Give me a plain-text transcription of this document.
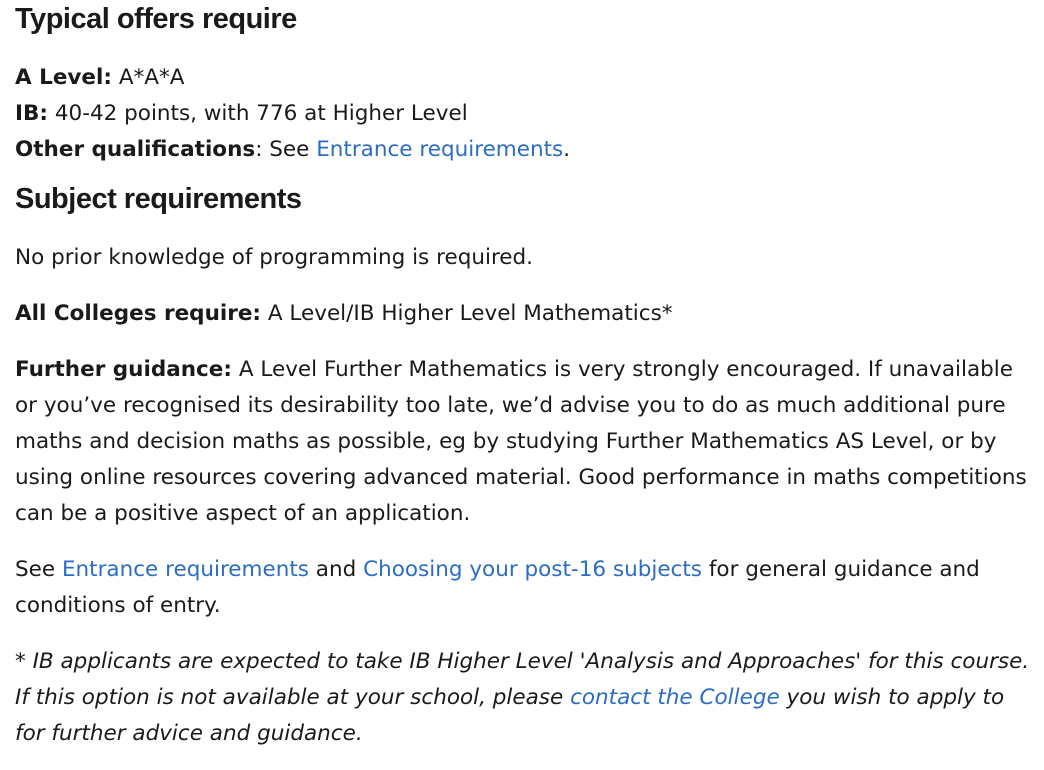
Typical offers require

A Level: A*A*A
IB: 40-42 points, with 776 at Higher Level
Other qualifications: See Entrance requirements.

Subject requirements

No prior knowledge of programming is required.

All Colleges require: A Level/IB Higher Level Mathematics*

Further guidance: A Level Further Mathematics is very strongly encouraged. If unavailable or you’ve recognised its desirability too late, we’d advise you to do as much additional pure maths and decision maths as possible, eg by studying Further Mathematics AS Level, or by using online resources covering advanced material. Good performance in maths competitions can be a positive aspect of an application.

See Entrance requirements and Choosing your post-16 subjects for general guidance and conditions of entry.

* IB applicants are expected to take IB Higher Level 'Analysis and Approaches' for this course. If this option is not available at your school, please contact the College you wish to apply to for further advice and guidance.
